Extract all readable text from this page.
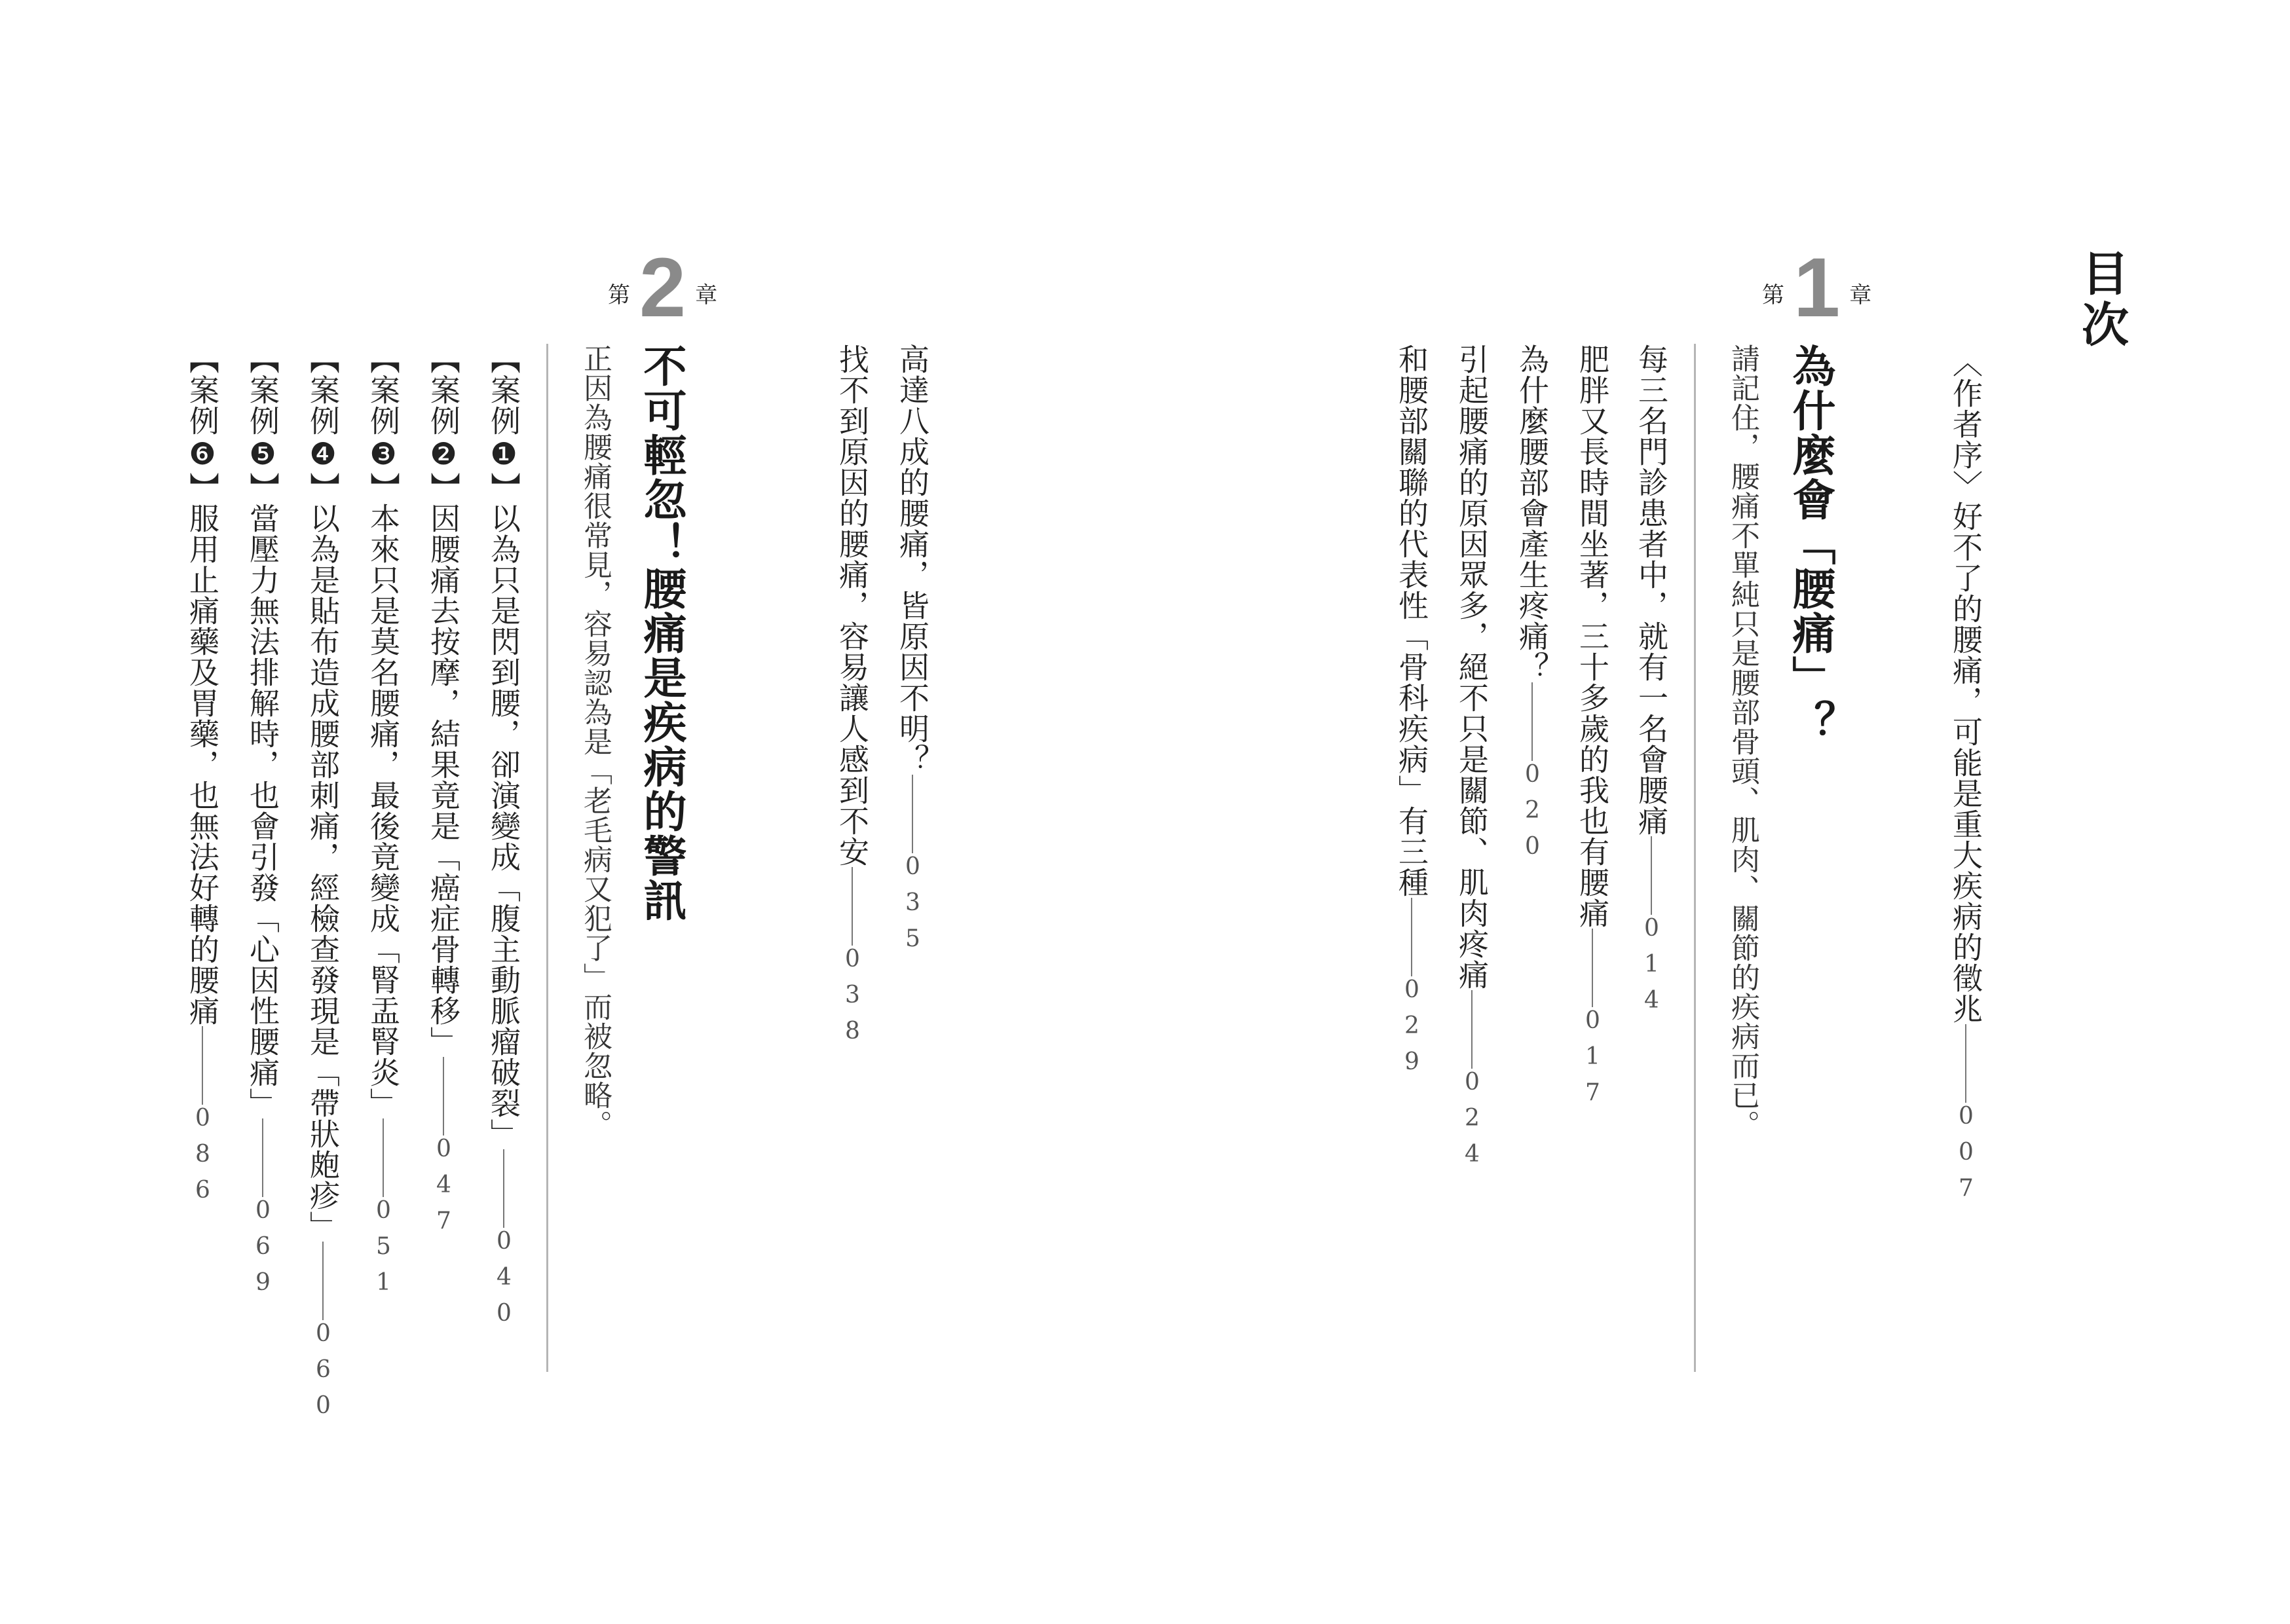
目次
〈作者序〉好不了的腰痛，可能是重大疾病的徵兆007
第 1 章
為什麼會「腰痛」？
請記住，腰痛不單純只是腰部骨頭、肌肉、關節的疾病而已。
每三名門診患者中，就有一名會腰痛014
肥胖又長時間坐著，三十多歲的我也有腰痛017
為什麼腰部會產生疼痛？020
引起腰痛的原因眾多，絕不只是關節、肌肉疼痛024
和腰部關聯的代表性「骨科疾病」有三種029
高達八成的腰痛，皆原因不明？035
找不到原因的腰痛，容易讓人感到不安038
第 2 章
不可輕忽！腰痛是疾病的警訊
正因為腰痛很常見，容易認為是「老毛病又犯了」而被忽略。
【案例❶】以為只是閃到腰，卻演變成「腹主動脈瘤破裂」040
【案例❷】因腰痛去按摩，結果竟是「癌症骨轉移」047
【案例❸】本來只是莫名腰痛，最後竟變成「腎盂腎炎」051
【案例❹】以為是貼布造成腰部刺痛，經檢查發現是「帶狀皰疹」060
【案例❺】當壓力無法排解時，也會引發「心因性腰痛」069
【案例❻】服用止痛藥及胃藥，也無法好轉的腰痛086
